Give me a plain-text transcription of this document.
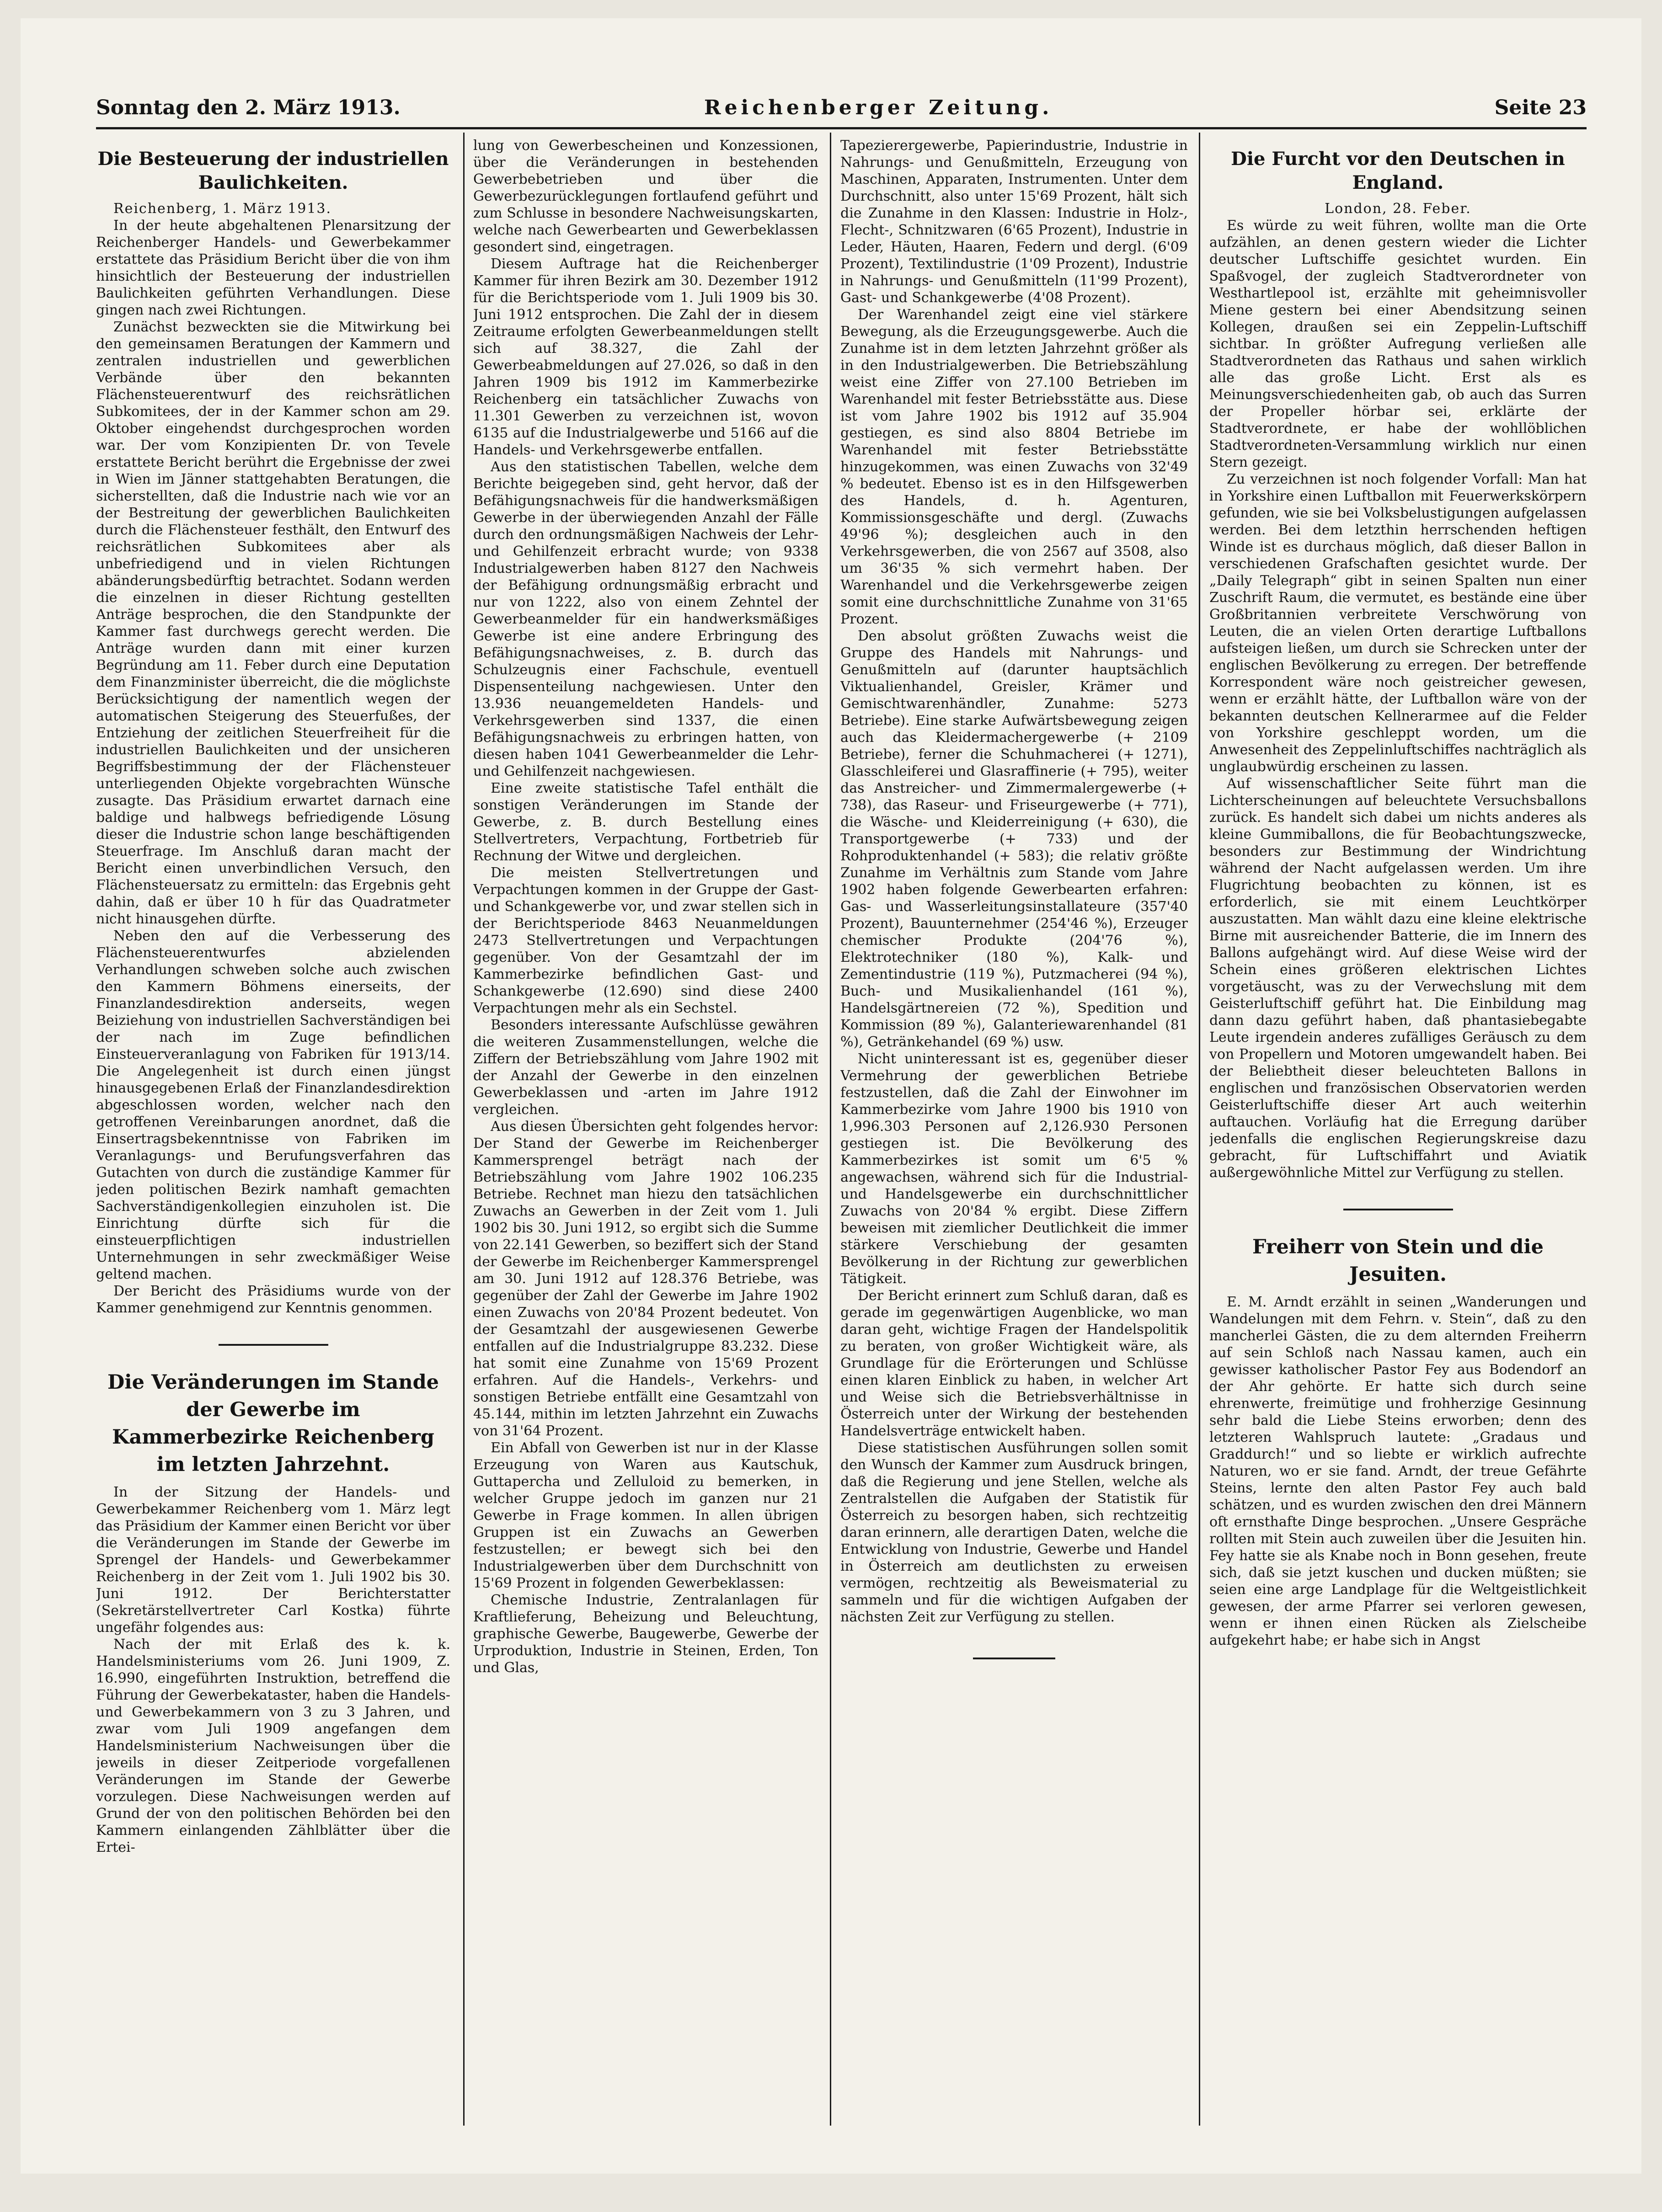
Sonntag den 2. März 1913.	Reichenberger Zeitung.	Seite 23
Die Besteuerung der industriellen Baulichkeiten.

Reichenberg, 1. März 1913.

In der heute abgehaltenen Plenarsitzung der Reichenberger Handels- und Gewerbekammer erstattete das Präsidium Bericht über die von ihm hinsichtlich der Besteuerung der industriellen Baulichkeiten geführten Verhandlungen. Diese gingen nach zwei Richtungen.

Zunächst bezweckten sie die Mitwirkung bei den gemeinsamen Beratungen der Kammern und zentralen industriellen und gewerblichen Verbände über den bekannten Flächensteuerentwurf des reichsrätlichen Subkomitees, der in der Kammer schon am 29. Oktober eingehendst durchgesprochen worden war. Der vom Konzipienten Dr. von Tevele erstattete Bericht berührt die Ergebnisse der zwei in Wien im Jänner stattgehabten Beratungen, die sicherstellten, daß die Industrie nach wie vor an der Bestreitung der gewerblichen Baulichkeiten durch die Flächensteuer festhält, den Entwurf des reichsrätlichen Subkomitees aber als unbefriedigend und in vielen Richtungen abänderungsbedürftig betrachtet. Sodann werden die einzelnen in dieser Richtung gestellten Anträge besprochen, die den Standpunkte der Kammer fast durchwegs gerecht werden. Die Anträge wurden dann mit einer kurzen Begründung am 11. Feber durch eine Deputation dem Finanzminister überreicht, die die möglichste Berücksichtigung der namentlich wegen der automatischen Steigerung des Steuerfußes, der Entziehung der zeitlichen Steuerfreiheit für die industriellen Baulichkeiten und der unsicheren Begriffsbestimmung der der Flächensteuer unterliegenden Objekte vorgebrachten Wünsche zusagte. Das Präsidium erwartet darnach eine baldige und halbwegs befriedigende Lösung dieser die Industrie schon lange beschäftigenden Steuerfrage. Im Anschluß daran macht der Bericht einen unverbindlichen Versuch, den Flächensteuersatz zu ermitteln: das Ergebnis geht dahin, daß er über 10 h für das Quadratmeter nicht hinausgehen dürfte.

Neben den auf die Verbesserung des Flächensteuerentwurfes abzielenden Verhandlungen schweben solche auch zwischen den Kammern Böhmens einerseits, der Finanzlandesdirektion anderseits, wegen Beiziehung von industriellen Sachverständigen bei der nach im Zuge befindlichen Einsteuerveranlagung von Fabriken für 1913/14. Die Angelegenheit ist durch einen jüngst hinausgegebenen Erlaß der Finanzlandesdirektion abgeschlossen worden, welcher nach den getroffenen Vereinbarungen anordnet, daß die Einsertragsbekenntnisse von Fabriken im Veranlagungs- und Berufungsverfahren das Gutachten von durch die zuständige Kammer für jeden politischen Bezirk namhaft gemachten Sachverständigenkollegien einzuholen ist. Die Einrichtung dürfte sich für die einsteuerpflichtigen industriellen Unternehmungen in sehr zweckmäßiger Weise geltend machen.

Der Bericht des Präsidiums wurde von der Kammer genehmigend zur Kenntnis genommen.

Die Veränderungen im Stande der Gewerbe im Kammerbezirke Reichenberg im letzten Jahrzehnt.

In der Sitzung der Handels- und Gewerbekammer Reichenberg vom 1. März legt das Präsidium der Kammer einen Bericht vor über die Veränderungen im Stande der Gewerbe im Sprengel der Handels- und Gewerbekammer Reichenberg in der Zeit vom 1. Juli 1902 bis 30. Juni 1912. Der Berichterstatter (Sekretärstellvertreter Carl Kostka) führte ungefähr folgendes aus:

Nach der mit Erlaß des k. k. Handelsministeriums vom 26. Juni 1909, Z. 16.990, eingeführten Instruktion, betreffend die Führung der Gewerbekataster, haben die Handels- und Gewerbekammern von 3 zu 3 Jahren, und zwar vom Juli 1909 angefangen dem Handelsministerium Nachweisungen über die jeweils in dieser Zeitperiode vorgefallenen Veränderungen im Stande der Gewerbe vorzulegen. Diese Nachweisungen werden auf Grund der von den politischen Behörden bei den Kammern einlangenden Zählblätter über die Ertei-

lung von Gewerbescheinen und Konzessionen, über die Veränderungen in bestehenden Gewerbebetrieben und über die Gewerbezurücklegungen fortlaufend geführt und zum Schlusse in besondere Nachweisungskarten, welche nach Gewerbearten und Gewerbeklassen gesondert sind, eingetragen.

Diesem Auftrage hat die Reichenberger Kammer für ihren Bezirk am 30. Dezember 1912 für die Berichtsperiode vom 1. Juli 1909 bis 30. Juni 1912 entsprochen. Die Zahl der in diesem Zeitraume erfolgten Gewerbeanmeldungen stellt sich auf 38.327, die Zahl der Gewerbeabmeldungen auf 27.026, so daß in den Jahren 1909 bis 1912 im Kammerbezirke Reichenberg ein tatsächlicher Zuwachs von 11.301 Gewerben zu verzeichnen ist, wovon 6135 auf die Industrialgewerbe und 5166 auf die Handels- und Verkehrsgewerbe entfallen.

Aus den statistischen Tabellen, welche dem Berichte beigegeben sind, geht hervor, daß der Befähigungsnachweis für die handwerksmäßigen Gewerbe in der überwiegenden Anzahl der Fälle durch den ordnungsmäßigen Nachweis der Lehr- und Gehilfenzeit erbracht wurde; von 9338 Industrialgewerben haben 8127 den Nachweis der Befähigung ordnungsmäßig erbracht und nur von 1222, also von einem Zehntel der Gewerbeanmelder für ein handwerksmäßiges Gewerbe ist eine andere Erbringung des Befähigungsnachweises, z. B. durch das Schulzeugnis einer Fachschule, eventuell Dispensenteilung nachgewiesen. Unter den 13.936 neuangemeldeten Handels- und Verkehrsgewerben sind 1337, die einen Befähigungsnachweis zu erbringen hatten, von diesen haben 1041 Gewerbeanmelder die Lehr- und Gehilfenzeit nachgewiesen.

Eine zweite statistische Tafel enthält die sonstigen Veränderungen im Stande der Gewerbe, z. B. durch Bestellung eines Stellvertreters, Verpachtung, Fortbetrieb für Rechnung der Witwe und dergleichen.

Die meisten Stellvertretungen und Verpachtungen kommen in der Gruppe der Gast- und Schankgewerbe vor, und zwar stellen sich in der Berichtsperiode 8463 Neuanmeldungen 2473 Stellvertretungen und Verpachtungen gegenüber. Von der Gesamtzahl der im Kammerbezirke befindlichen Gast- und Schankgewerbe (12.690) sind diese 2400 Verpachtungen mehr als ein Sechstel.

Besonders interessante Aufschlüsse gewähren die weiteren Zusammenstellungen, welche die Ziffern der Betriebszählung vom Jahre 1902 mit der Anzahl der Gewerbe in den einzelnen Gewerbeklassen und -arten im Jahre 1912 vergleichen.

Aus diesen Übersichten geht folgendes hervor: Der Stand der Gewerbe im Reichenberger Kammersprengel beträgt nach der Betriebszählung vom Jahre 1902 106.235 Betriebe. Rechnet man hiezu den tatsächlichen Zuwachs an Gewerben in der Zeit vom 1. Juli 1902 bis 30. Juni 1912, so ergibt sich die Summe von 22.141 Gewerben, so beziffert sich der Stand der Gewerbe im Reichenberger Kammersprengel am 30. Juni 1912 auf 128.376 Betriebe, was gegenüber der Zahl der Gewerbe im Jahre 1902 einen Zuwachs von 20'84 Prozent bedeutet. Von der Gesamtzahl der ausgewiesenen Gewerbe entfallen auf die Industrialgruppe 83.232. Diese hat somit eine Zunahme von 15'69 Prozent erfahren. Auf die Handels-, Verkehrs- und sonstigen Betriebe entfällt eine Gesamtzahl von 45.144, mithin im letzten Jahrzehnt ein Zuwachs von 31'64 Prozent.

Ein Abfall von Gewerben ist nur in der Klasse Erzeugung von Waren aus Kautschuk, Guttapercha und Zelluloid zu bemerken, in welcher Gruppe jedoch im ganzen nur 21 Gewerbe in Frage kommen. In allen übrigen Gruppen ist ein Zuwachs an Gewerben festzustellen; er bewegt sich bei den Industrialgewerben über dem Durchschnitt von 15'69 Prozent in folgenden Gewerbeklassen:

Chemische Industrie, Zentralanlagen für Kraftlieferung, Beheizung und Beleuchtung, graphische Gewerbe, Baugewerbe, Gewerbe der Urproduktion, Industrie in Steinen, Erden, Ton und Glas,

Tapezierergewerbe, Papierindustrie, Industrie in Nahrungs- und Genußmitteln, Erzeugung von Maschinen, Apparaten, Instrumenten. Unter dem Durchschnitt, also unter 15'69 Prozent, hält sich die Zunahme in den Klassen: Industrie in Holz-, Flecht-, Schnitzwaren (6'65 Prozent), Industrie in Leder, Häuten, Haaren, Federn und dergl. (6'09 Prozent), Textilindustrie (1'09 Prozent), Industrie in Nahrungs- und Genußmitteln (11'99 Prozent), Gast- und Schankgewerbe (4'08 Prozent).

Der Warenhandel zeigt eine viel stärkere Bewegung, als die Erzeugungsgewerbe. Auch die Zunahme ist in dem letzten Jahrzehnt größer als in den Industrialgewerben. Die Betriebszählung weist eine Ziffer von 27.100 Betrieben im Warenhandel mit fester Betriebsstätte aus. Diese ist vom Jahre 1902 bis 1912 auf 35.904 gestiegen, es sind also 8804 Betriebe im Warenhandel mit fester Betriebsstätte hinzugekommen, was einen Zuwachs von 32'49 % bedeutet. Ebenso ist es in den Hilfsgewerben des Handels, d. h. Agenturen, Kommissionsgeschäfte und dergl. (Zuwachs 49'96 %); desgleichen auch in den Verkehrsgewerben, die von 2567 auf 3508, also um 36'35 % sich vermehrt haben. Der Warenhandel und die Verkehrsgewerbe zeigen somit eine durchschnittliche Zunahme von 31'65 Prozent.

Den absolut größten Zuwachs weist die Gruppe des Handels mit Nahrungs- und Genußmitteln auf (darunter hauptsächlich Viktualienhandel, Greisler, Krämer und Gemischtwarenhändler, Zunahme: 5273 Betriebe). Eine starke Aufwärtsbewegung zeigen auch das Kleidermachergewerbe (+ 2109 Betriebe), ferner die Schuhmacherei (+ 1271), Glasschleiferei und Glasraffinerie (+ 795), weiter das Anstreicher- und Zimmermalergewerbe (+ 738), das Raseur- und Friseurgewerbe (+ 771), die Wäsche- und Kleiderreinigung (+ 630), die Transportgewerbe (+ 733) und der Rohproduktenhandel (+ 583); die relativ größte Zunahme im Verhältnis zum Stande vom Jahre 1902 haben folgende Gewerbearten erfahren: Gas- und Wasserleitungsinstallateure (357'40 Prozent), Bauunternehmer (254'46 %), Erzeuger chemischer Produkte (204'76 %), Elektrotechniker (180 %), Kalk- und Zementindustrie (119 %), Putzmacherei (94 %), Buch- und Musikalienhandel (161 %), Handelsgärtnereien (72 %), Spedition und Kommission (89 %), Galanteriewarenhandel (81 %), Getränkehandel (69 %) usw.

Nicht uninteressant ist es, gegenüber dieser Vermehrung der gewerblichen Betriebe festzustellen, daß die Zahl der Einwohner im Kammerbezirke vom Jahre 1900 bis 1910 von 1,996.303 Personen auf 2,126.930 Personen gestiegen ist. Die Bevölkerung des Kammerbezirkes ist somit um 6'5 % angewachsen, während sich für die Industrial- und Handelsgewerbe ein durchschnittlicher Zuwachs von 20'84 % ergibt. Diese Ziffern beweisen mit ziemlicher Deutlichkeit die immer stärkere Verschiebung der gesamten Bevölkerung in der Richtung zur gewerblichen Tätigkeit.

Der Bericht erinnert zum Schluß daran, daß es gerade im gegenwärtigen Augenblicke, wo man daran geht, wichtige Fragen der Handelspolitik zu beraten, von großer Wichtigkeit wäre, als Grundlage für die Erörterungen und Schlüsse einen klaren Einblick zu haben, in welcher Art und Weise sich die Betriebsverhältnisse in Österreich unter der Wirkung der bestehenden Handelsverträge entwickelt haben.

Diese statistischen Ausführungen sollen somit den Wunsch der Kammer zum Ausdruck bringen, daß die Regierung und jene Stellen, welche als Zentralstellen die Aufgaben der Statistik für Österreich zu besorgen haben, sich rechtzeitig daran erinnern, alle derartigen Daten, welche die Entwicklung von Industrie, Gewerbe und Handel in Österreich am deutlichsten zu erweisen vermögen, rechtzeitig als Beweismaterial zu sammeln und für die wichtigen Aufgaben der nächsten Zeit zur Verfügung zu stellen.

Die Furcht vor den Deutschen in England.

London, 28. Feber.

Es würde zu weit führen, wollte man die Orte aufzählen, an denen gestern wieder die Lichter deutscher Luftschiffe gesichtet wurden. Ein Spaßvogel, der zugleich Stadtverordneter von Westhartlepool ist, erzählte mit geheimnisvoller Miene gestern bei einer Abendsitzung seinen Kollegen, draußen sei ein Zeppelin-Luftschiff sichtbar. In größter Aufregung verließen alle Stadtverordneten das Rathaus und sahen wirklich alle das große Licht. Erst als es Meinungsverschiedenheiten gab, ob auch das Surren der Propeller hörbar sei, erklärte der Stadtverordnete, er habe der wohllöblichen Stadtverordneten-Versammlung wirklich nur einen Stern gezeigt.

Zu verzeichnen ist noch folgender Vorfall: Man hat in Yorkshire einen Luftballon mit Feuerwerkskörpern gefunden, wie sie bei Volksbelustigungen aufgelassen werden. Bei dem letzthin herrschenden heftigen Winde ist es durchaus möglich, daß dieser Ballon in verschiedenen Grafschaften gesichtet wurde. Der „Daily Telegraph“ gibt in seinen Spalten nun einer Zuschrift Raum, die vermutet, es bestände eine über Großbritannien verbreitete Verschwörung von Leuten, die an vielen Orten derartige Luftballons aufsteigen ließen, um durch sie Schrecken unter der englischen Bevölkerung zu erregen. Der betreffende Korrespondent wäre noch geistreicher gewesen, wenn er erzählt hätte, der Luftballon wäre von der bekannten deutschen Kellnerarmee auf die Felder von Yorkshire geschleppt worden, um die Anwesenheit des Zeppelinluftschiffes nachträglich als unglaubwürdig erscheinen zu lassen.

Auf wissenschaftlicher Seite führt man die Lichterscheinungen auf beleuchtete Versuchsballons zurück. Es handelt sich dabei um nichts anderes als kleine Gummiballons, die für Beobachtungszwecke, besonders zur Bestimmung der Windrichtung während der Nacht aufgelassen werden. Um ihre Flugrichtung beobachten zu können, ist es erforderlich, sie mit einem Leuchtkörper auszustatten. Man wählt dazu eine kleine elektrische Birne mit ausreichender Batterie, die im Innern des Ballons aufgehängt wird. Auf diese Weise wird der Schein eines größeren elektrischen Lichtes vorgetäuscht, was zu der Verwechslung mit dem Geisterluftschiff geführt hat. Die Einbildung mag dann dazu geführt haben, daß phantasiebegabte Leute irgendein anderes zufälliges Geräusch zu dem von Propellern und Motoren umgewandelt haben. Bei der Beliebtheit dieser beleuchteten Ballons in englischen und französischen Observatorien werden Geisterluftschiffe dieser Art auch weiterhin auftauchen. Vorläufig hat die Erregung darüber jedenfalls die englischen Regierungskreise dazu gebracht, für Luftschiffahrt und Aviatik außergewöhnliche Mittel zur Verfügung zu stellen.

Freiherr von Stein und die Jesuiten.

E. M. Arndt erzählt in seinen „Wanderungen und Wandelungen mit dem Fehrn. v. Stein“, daß zu den mancherlei Gästen, die zu dem alternden Freiherrn auf sein Schloß nach Nassau kamen, auch ein gewisser katholischer Pastor Fey aus Bodendorf an der Ahr gehörte. Er hatte sich durch seine ehrenwerte, freimütige und frohherzige Gesinnung sehr bald die Liebe Steins erworben; denn des letzteren Wahlspruch lautete: „Gradaus und Graddurch!“ und so liebte er wirklich aufrechte Naturen, wo er sie fand. Arndt, der treue Gefährte Steins, lernte den alten Pastor Fey auch bald schätzen, und es wurden zwischen den drei Männern oft ernsthafte Dinge besprochen. „Unsere Gespräche rollten mit Stein auch zuweilen über die Jesuiten hin. Fey hatte sie als Knabe noch in Bonn gesehen, freute sich, daß sie jetzt kuschen und ducken müßten; sie seien eine arge Landplage für die Weltgeistlichkeit gewesen, der arme Pfarrer sei verloren gewesen, wenn er ihnen einen Rücken als Zielscheibe aufgekehrt habe; er habe sich in Angst
